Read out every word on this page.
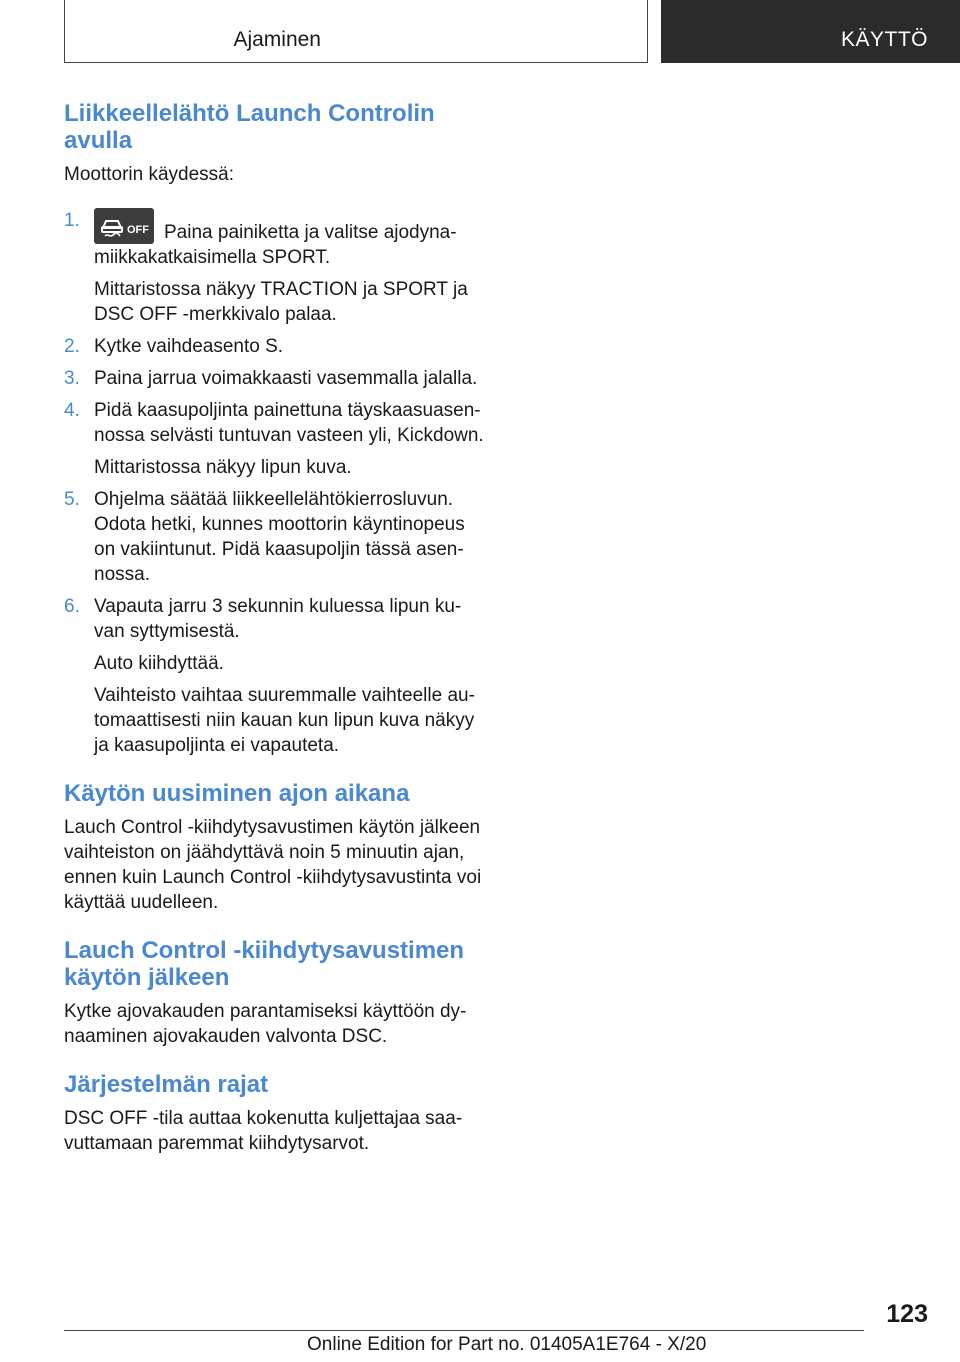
Ajaminen	KÄYTTÖ
Liikkeellelähtö Launch Controlin avulla

Moottorin käydessä:

1.	OFF Paina painiketta ja valitse ajodynamiikkakatkaisimella SPORT.

Mittaristossa näkyy TRACTION ja SPORT ja DSC OFF -merkkivalo palaa.

2. Kytke vaihdeasento S.

3. Paina jarrua voimakkaasti vasemmalla jalalla.

4. Pidä kaasupoljinta painettuna täyskaasuasennossa selvästi tuntuvan vasteen yli, Kickdown.

Mittaristossa näkyy lipun kuva.

5. Ohjelma säätää liikkeellelähtökierrosluvun. Odota hetki, kunnes moottorin käyntinopeus on vakiintunut. Pidä kaasupoljin tässä asennossa.

6. Vapauta jarru 3 sekunnin kuluessa lipun kuvan syttymisestä.

Auto kiihdyttää.

Vaihteisto vaihtaa suuremmalle vaihteelle automaattisesti niin kauan kun lipun kuva näkyy ja kaasupoljinta ei vapauteta.

Käytön uusiminen ajon aikana

Lauch Control -kiihdytysavustimen käytön jälkeen vaihteiston on jäähdyttävä noin 5 minuutin ajan, ennen kuin Launch Control -kiihdytysavustinta voi käyttää uudelleen.

Lauch Control -kiihdytysavustimen käytön jälkeen

Kytke ajovakauden parantamiseksi käyttöön dynaaminen ajovakauden valvonta DSC.

Järjestelmän rajat

DSC OFF -tila auttaa kokenutta kuljettajaa saavuttamaan paremmat kiihdytysarvot.

123
Online Edition for Part no. 01405A1E764 - X/20
